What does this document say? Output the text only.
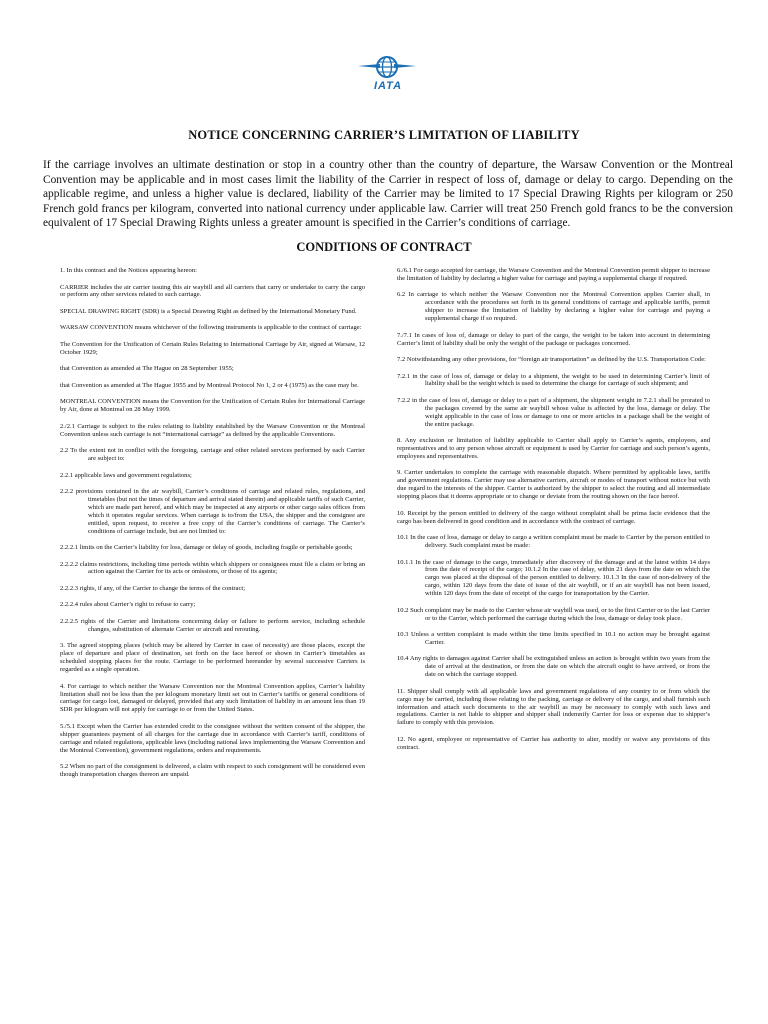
IATA
NOTICE CONCERNING CARRIER’S LIMITATION OF LIABILITY
If the carriage involves an ultimate destination or stop in a country other than the country of departure, the Warsaw Convention or the Montreal Convention may be applicable and in most cases limit the liability of the Carrier in respect of loss of, damage or delay to cargo. Depending on the applicable regime, and unless a higher value is declared, liability of the Carrier may be limited to 17 Special Drawing Rights per kilogram or 250 French gold francs per kilogram, converted into national currency under applicable law. Carrier will treat 250 French gold francs to be the conversion equivalent of 17 Special Drawing Rights unless a greater amount is specified in the Carrier’s conditions of carriage.
CONDITIONS OF CONTRACT

1. In this contract and the Notices appearing hereon:

CARRIER includes the air carrier issuing this air waybill and all carriers that carry or undertake to carry the cargo or perform any other services related to such carriage.

SPECIAL DRAWING RIGHT (SDR) is a Special Drawing Right as defined by the International Monetary Fund.

WARSAW CONVENTION means whichever of the following instruments is applicable to the contract of carriage:

The Convention for the Unification of Certain Rules Relating to International Carriage by Air, signed at Warsaw, 12 October 1929;

that Convention as amended at The Hague on 28 September 1955;

that Convention as amended at The Hague 1955 and by Montreal Protocol No 1, 2 or 4 (1975) as the case may be.

MONTREAL CONVENTION means the Convention for the Unification of Certain Rules for International Carriage by Air, done at Montreal on 28 May 1999.

2./2.1 Carriage is subject to the rules relating to liability established by the Warsaw Convention or the Montreal Convention unless such carriage is not “international carriage” as defined by the applicable Conventions.

2.2 To the extent not in conflict with the foregoing, carriage and other related services performed by each Carrier are subject to:

2.2.1 applicable laws and government regulations;

2.2.2 provisions contained in the air waybill, Carrier’s conditions of carriage and related rules, regulations, and timetables (but not the times of departure and arrival stated therein) and applicable tariffs of such Carrier, which are made part hereof, and which may be inspected at any airports or other cargo sales offices from which it operates regular services. When carriage is to/from the USA, the shipper and the consignee are entitled, upon request, to receive a free copy of the Carrier’s conditions of carriage. The Carrier’s conditions of carriage include, but are not limited to:

2.2.2.1 limits on the Carrier’s liability for loss, damage or delay of goods, including fragile or perishable goods;

2.2.2.2 claims restrictions, including time periods within which shippers or consignees must file a claim or bring an action against the Carrier for its acts or omissions, or those of its agents;

2.2.2.3 rights, if any, of the Carrier to change the terms of the contract;

2.2.2.4 rules about Carrier’s right to refuse to carry;

2.2.2.5 rights of the Carrier and limitations concerning delay or failure to perform service, including schedule changes, substitution of alternate Carrier or aircraft and rerouting.

3. The agreed stopping places (which may be altered by Carrier in case of necessity) are those places, except the place of departure and place of destination, set forth on the face hereof or shown in Carrier’s timetables as scheduled stopping places for the route. Carriage to be performed hereunder by several successive Carriers is regarded as a single operation.

4. For carriage to which neither the Warsaw Convention nor the Montreal Convention applies, Carrier’s liability limitation shall not be less than the per kilogram monetary limit set out in Carrier’s tariffs or general conditions of carriage for cargo lost, damaged or delayed, provided that any such limitation of liability in an amount less than 19 SDR per kilogram will not apply for carriage to or from the United States.

5./5.1 Except when the Carrier has extended credit to the consignee without the written consent of the shipper, the shipper guarantees payment of all charges for the carriage due in accordance with Carrier’s tariff, conditions of carriage and related regulations, applicable laws (including national laws implementing the Warsaw Convention and the Montreal Convention), government regulations, orders and requirements.

5.2 When no part of the consignment is delivered, a claim with respect to such consignment will be considered even though transportation charges thereon are unpaid.

6./6.1 For cargo accepted for carriage, the Warsaw Convention and the Montreal Convention permit shipper to increase the limitation of liability by declaring a higher value for carriage and paying a supplemental charge if required.

6.2 In carriage to which neither the Warsaw Convention nor the Montreal Convention applies Carrier shall, in accordance with the procedures set forth in its general conditions of carriage and applicable tariffs, permit shipper to increase the limitation of liability by declaring a higher value for carriage and paying a supplemental charge if so required.

7./7.1 In cases of loss of, damage or delay to part of the cargo, the weight to be taken into account in determining Carrier’s limit of liability shall be only the weight of the package or packages concerned.

7.2 Notwithstanding any other provisions, for “foreign air transportation” as defined by the U.S. Transportation Code:

7.2.1 in the case of loss of, damage or delay to a shipment, the weight to be used in determining Carrier’s limit of liability shall be the weight which is used to determine the charge for carriage of such shipment; and

7.2.2 in the case of loss of, damage or delay to a part of a shipment, the shipment weight in 7.2.1 shall be prorated to the packages covered by the same air waybill whose value is affected by the loss, damage or delay. The weight applicable in the case of loss or damage to one or more articles in a package shall be the weight of the entire package.

8. Any exclusion or limitation of liability applicable to Carrier shall apply to Carrier’s agents, employees, and representatives and to any person whose aircraft or equipment is used by Carrier for carriage and such person’s agents, employees and representatives.

9. Carrier undertakes to complete the carriage with reasonable dispatch. Where permitted by applicable laws, tariffs and government regulations. Carrier may use alternative carriers, aircraft or modes of transport without notice but with due regard to the interests of the shipper. Carrier is authorized by the shipper to select the routing and all intermediate stopping places that it deems appropriate or to change or deviate from the routing shown on the face hereof.

10. Receipt by the person entitled to delivery of the cargo without complaint shall be prima facie evidence that the cargo has been delivered in good condition and in accordance with the contract of carriage.

10.1 In the case of loss, damage or delay to cargo a written complaint must be made to Carrier by the person entitled to delivery. Such complaint must be made:

10.1.1 In the case of damage to the cargo, immediately after discovery of the damage and at the latest within 14 days from the date of receipt of the cargo; 10.1.2 In the case of delay, within 21 days from the date on which the cargo was placed at the disposal of the person entitled to delivery. 10.1.3 In the case of non-delivery of the cargo, within 120 days from the date of issue of the air waybill, or if an air waybill has not been issued, within 120 days from the date of receipt of the cargo for transportation by the Carrier.

10.2 Such complaint may be made to the Carrier whose air waybill was used, or to the first Carrier or to the last Carrier or to the Carrier, which performed the carriage during which the loss, damage or delay took place.

10.3 Unless a written complaint is made within the time limits specified in 10.1 no action may be brought against Carrier.

10.4 Any rights to damages against Carrier shall be extinguished unless an action is brought within two years from the date of arrival at the destination, or from the date on which the aircraft ought to have arrived, or from the date on which the carriage stopped.

11. Shipper shall comply with all applicable laws and government regulations of any country to or from which the cargo may be carried, including those relating to the packing, carriage or delivery of the cargo, and shall furnish such information and attach such documents to the air waybill as may be necessary to comply with such laws and regulations. Carrier is not liable to shipper and shipper shall indemnify Carrier for loss or expense due to shipper’s failure to comply with this provision.

12. No agent, employee or representative of Carrier has authority to alter, modify or waive any provisions of this contract.
